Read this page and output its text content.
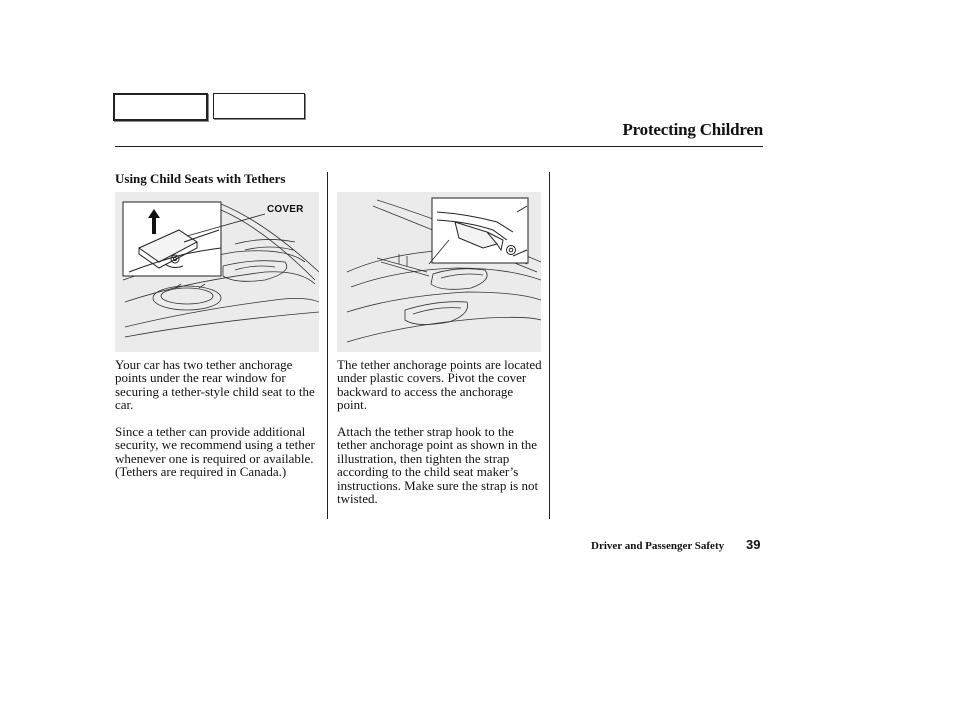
Protecting Children
Using Child Seats with Tethers
COVER

Your car has two tether anchorage points under the rear window for securing a tether-style child seat to the car.

Since a tether can provide additional security, we recommend using a tether whenever one is required or available. (Tethers are required in Canada.)

The tether anchorage points are located under plastic covers. Pivot the cover backward to access the anchorage point.

Attach the tether strap hook to the tether anchorage point as shown in the illustration, then tighten the strap according to the child seat maker’s instructions. Make sure the strap is not twisted.

Driver and Passenger Safety 39
